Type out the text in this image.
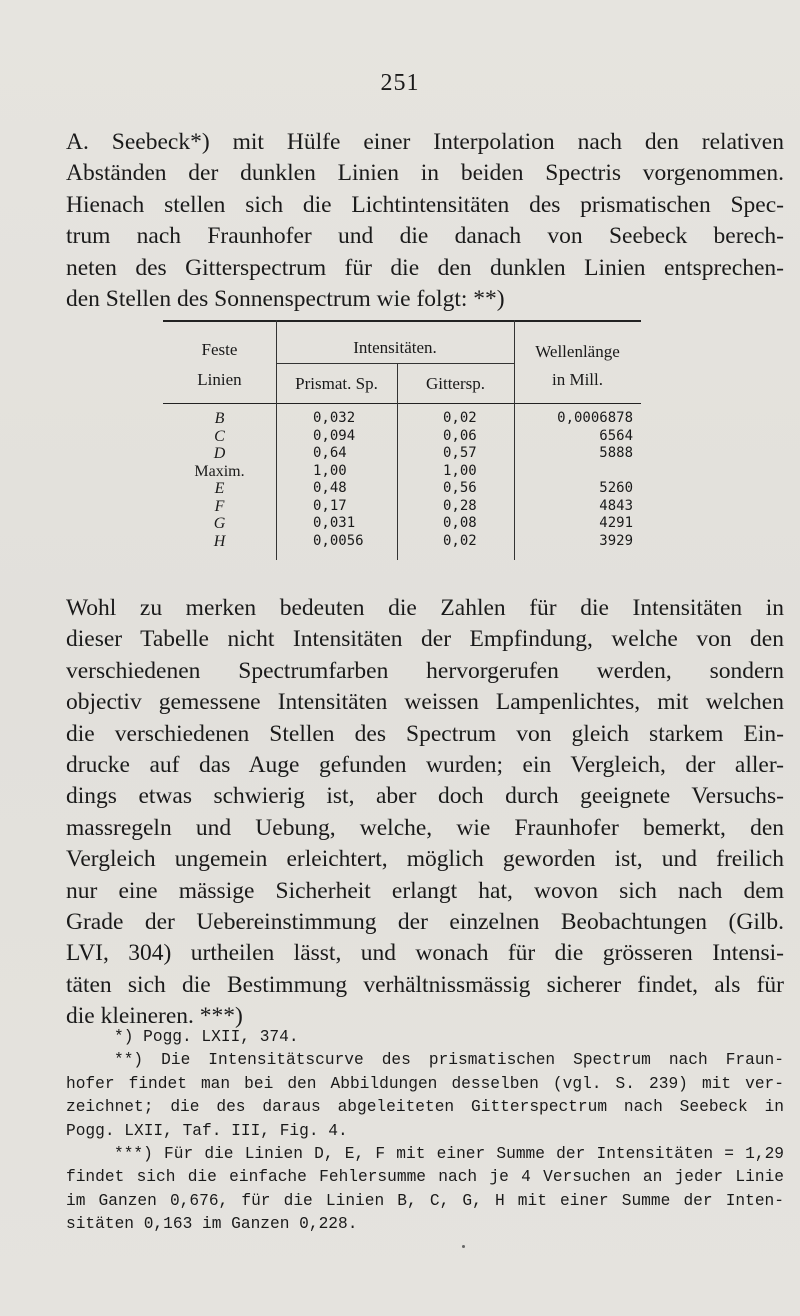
251
A. Seebeck*) mit Hülfe einer Interpolation nach den relativen
Abständen der dunklen Linien in beiden Spectris vorgenommen.
Hienach stellen sich die Lichtintensitäten des prismatischen Spec-
trum nach Fraunhofer und die danach von Seebeck berech-
neten des Gitterspectrum für die den dunklen Linien entsprechen-
den Stellen des Sonnenspectrum wie folgt: **)
Feste
Linien
Intensitäten.
Prismat. Sp.	Gittersp.
Wellenlänge
in Mill.
B	0,032	0,02	0,0006878
C	0,094	0,06	6564
D	0,64	0,57	5888
Maxim.	1,00	1,00
E	0,48	0,56	5260
F	0,17	0,28	4843
G	0,031	0,08	4291
H	0,0056	0,02	3929
Wohl zu merken bedeuten die Zahlen für die Intensitäten in
dieser Tabelle nicht Intensitäten der Empfindung, welche von den
verschiedenen Spectrumfarben hervorgerufen werden, sondern
objectiv gemessene Intensitäten weissen Lampenlichtes, mit welchen
die verschiedenen Stellen des Spectrum von gleich starkem Ein-
drucke auf das Auge gefunden wurden; ein Vergleich, der aller-
dings etwas schwierig ist, aber doch durch geeignete Versuchs-
massregeln und Uebung, welche, wie Fraunhofer bemerkt, den
Vergleich ungemein erleichtert, möglich geworden ist, und freilich
nur eine mässige Sicherheit erlangt hat, wovon sich nach dem
Grade der Uebereinstimmung der einzelnen Beobachtungen (Gilb.
LVI, 304) urtheilen lässt, und wonach für die grösseren Intensi-
täten sich die Bestimmung verhältnissmässig sicherer findet, als für
die kleineren. ***)
*) Pogg. LXII, 374.
**) Die Intensitätscurve des prismatischen Spectrum nach Fraun-
hofer findet man bei den Abbildungen desselben (vgl. S. 239) mit ver-
zeichnet; die des daraus abgeleiteten Gitterspectrum nach Seebeck in
Pogg. LXII, Taf. III, Fig. 4.
***) Für die Linien D, E, F mit einer Summe der Intensitäten = 1,29
findet sich die einfache Fehlersumme nach je 4 Versuchen an jeder Linie
im Ganzen 0,676, für die Linien B, C, G, H mit einer Summe der Inten-
sitäten 0,163 im Ganzen 0,228.
